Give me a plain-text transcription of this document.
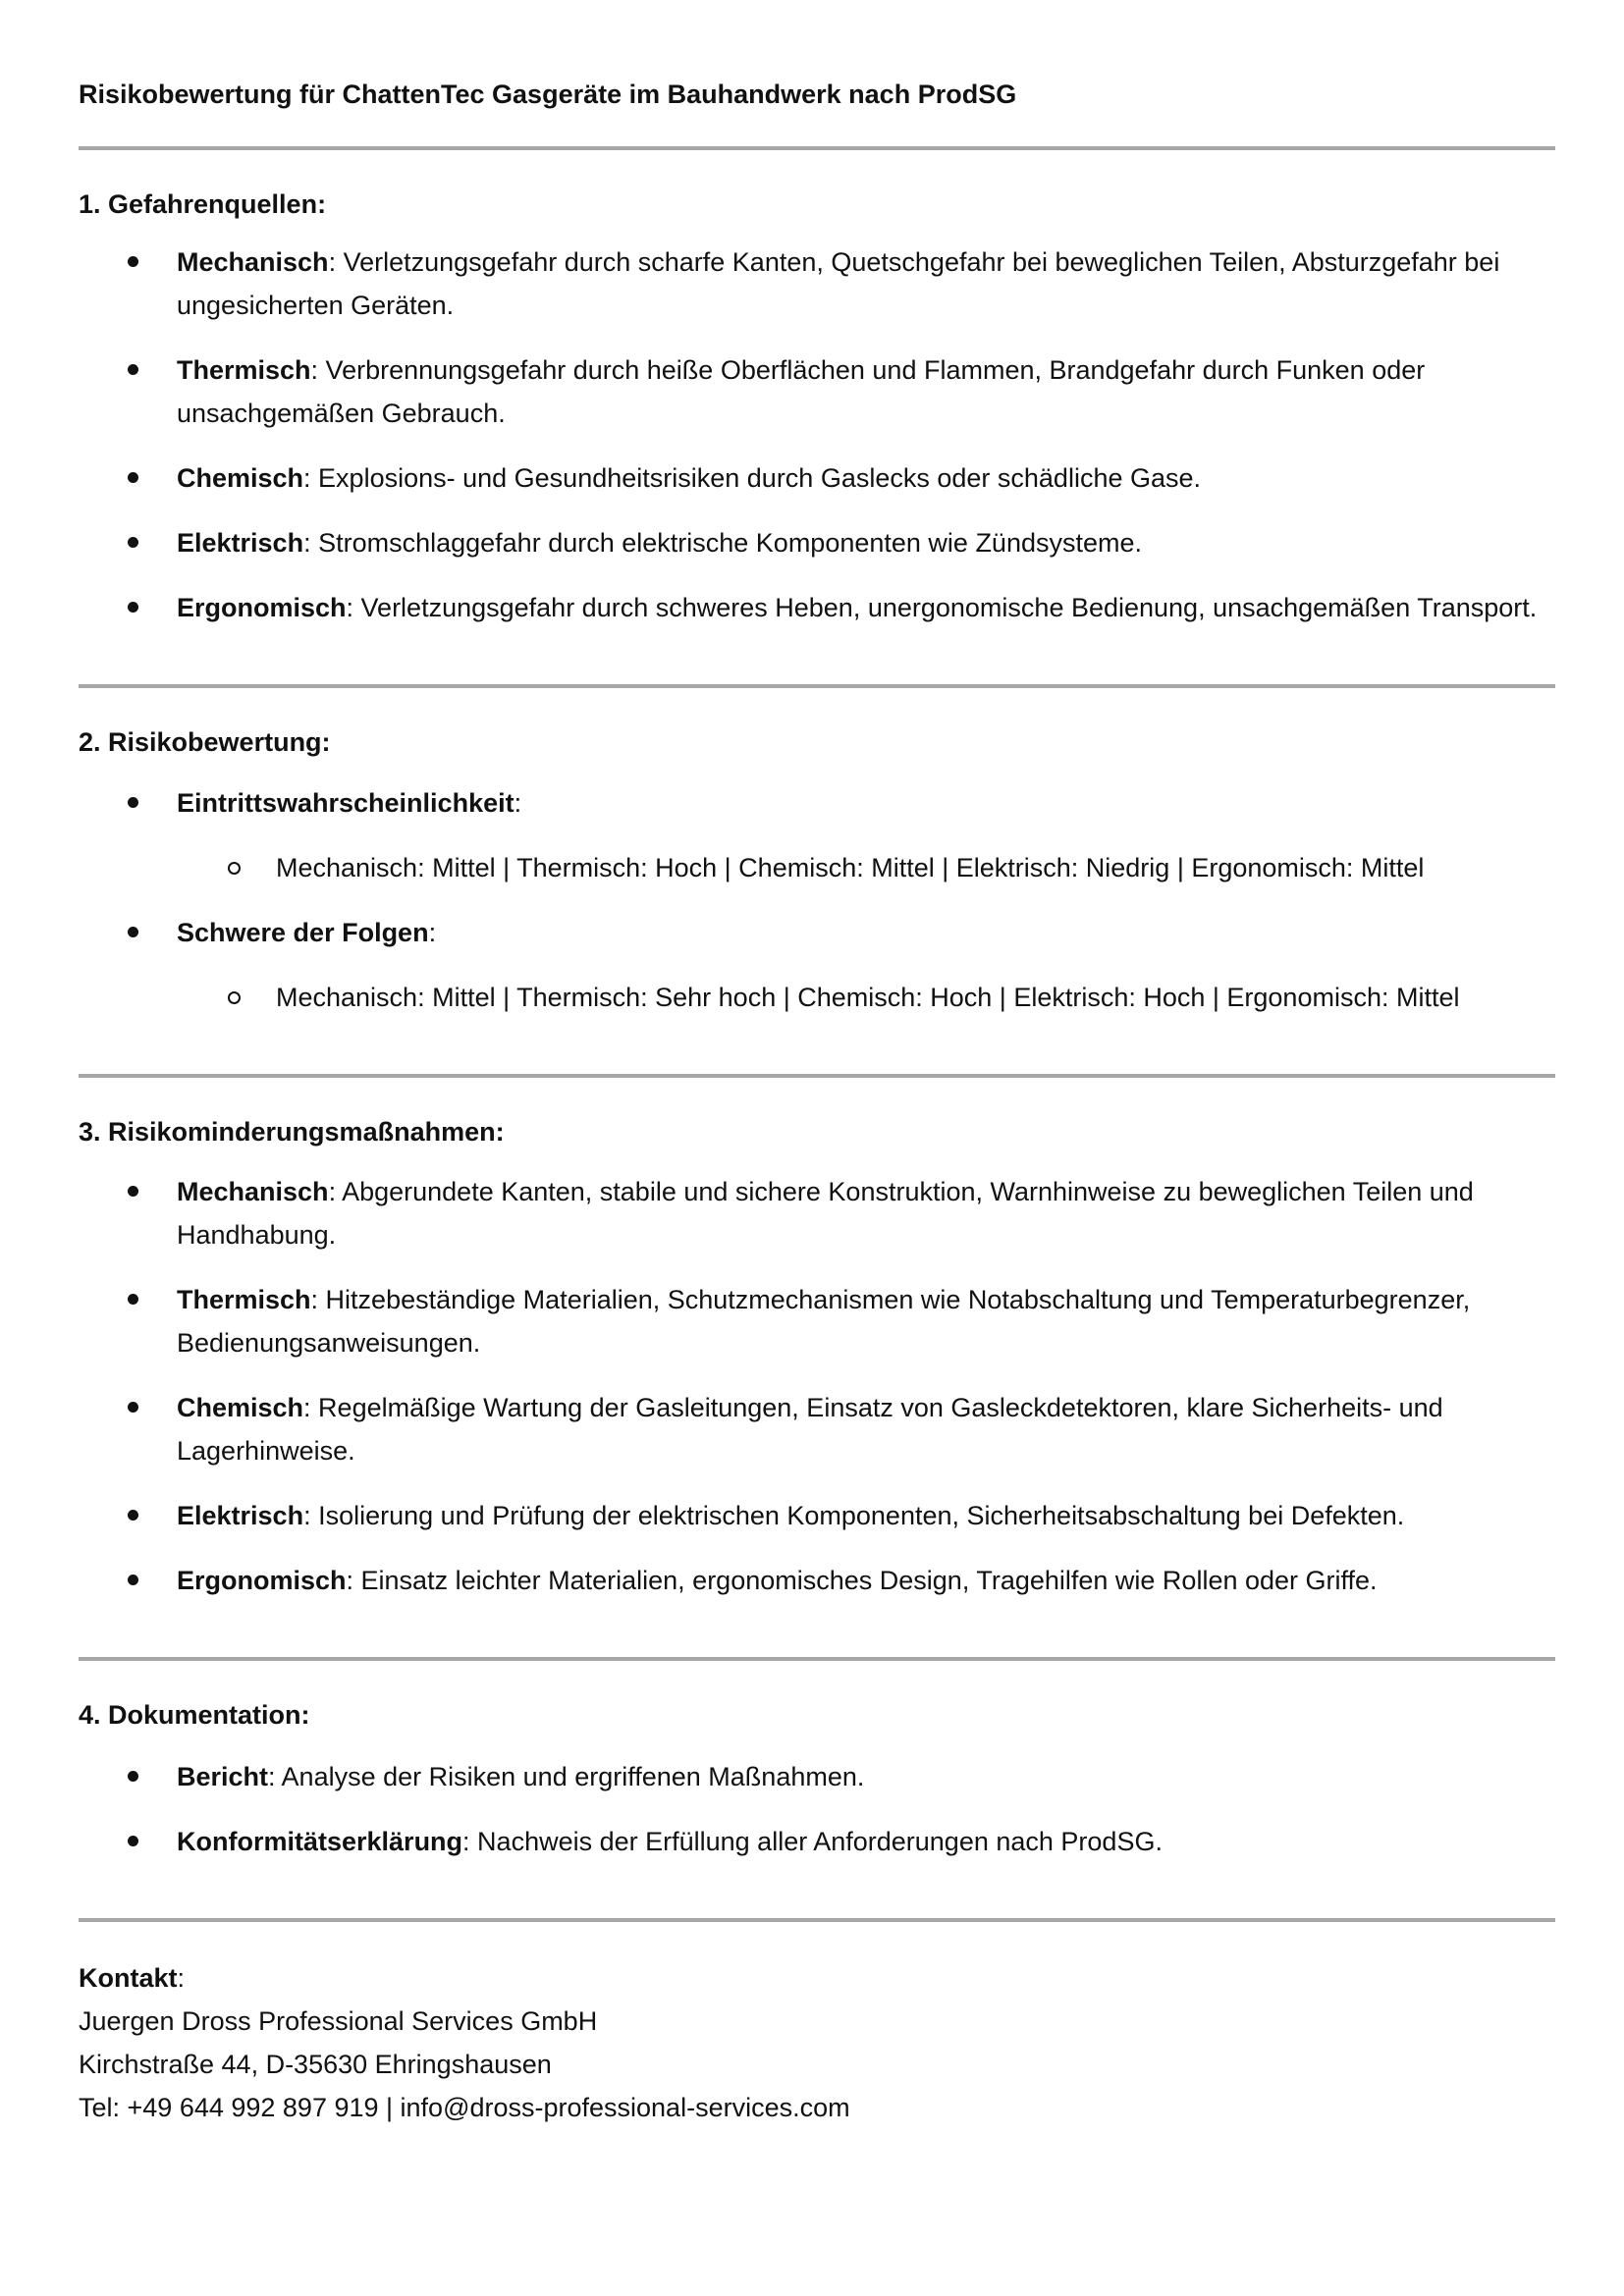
Risikobewertung für ChattenTec Gasgeräte im Bauhandwerk nach ProdSG

1. Gefahrenquellen:

Mechanisch: Verletzungsgefahr durch scharfe Kanten, Quetschgefahr bei beweglichen Teilen, Absturzgefahr bei ungesicherten Geräten.
Thermisch: Verbrennungsgefahr durch heiße Oberflächen und Flammen, Brandgefahr durch Funken oder unsachgemäßen Gebrauch.
Chemisch: Explosions- und Gesundheitsrisiken durch Gaslecks oder schädliche Gase.
Elektrisch: Stromschlaggefahr durch elektrische Komponenten wie Zündsysteme.
Ergonomisch: Verletzungsgefahr durch schweres Heben, unergonomische Bedienung, unsachgemäßen Transport.

2. Risikobewertung:

Eintrittswahrscheinlichkeit:
Mechanisch: Mittel | Thermisch: Hoch | Chemisch: Mittel | Elektrisch: Niedrig | Ergonomisch: Mittel
Schwere der Folgen:
Mechanisch: Mittel | Thermisch: Sehr hoch | Chemisch: Hoch | Elektrisch: Hoch | Ergonomisch: Mittel

3. Risikominderungsmaßnahmen:

Mechanisch: Abgerundete Kanten, stabile und sichere Konstruktion, Warnhinweise zu beweglichen Teilen und Handhabung.
Thermisch: Hitzebeständige Materialien, Schutzmechanismen wie Notabschaltung und Temperaturbegrenzer, Bedienungsanweisungen.
Chemisch: Regelmäßige Wartung der Gasleitungen, Einsatz von Gasleckdetektoren, klare Sicherheits- und Lagerhinweise.
Elektrisch: Isolierung und Prüfung der elektrischen Komponenten, Sicherheitsabschaltung bei Defekten.
Ergonomisch: Einsatz leichter Materialien, ergonomisches Design, Tragehilfen wie Rollen oder Griffe.

4. Dokumentation:

Bericht: Analyse der Risiken und ergriffenen Maßnahmen.
Konformitätserklärung: Nachweis der Erfüllung aller Anforderungen nach ProdSG.

Kontakt:

Juergen Dross Professional Services GmbH

Kirchstraße 44, D-35630 Ehringshausen

Tel: +49 644 992 897 919 | info@dross-professional-services.com
